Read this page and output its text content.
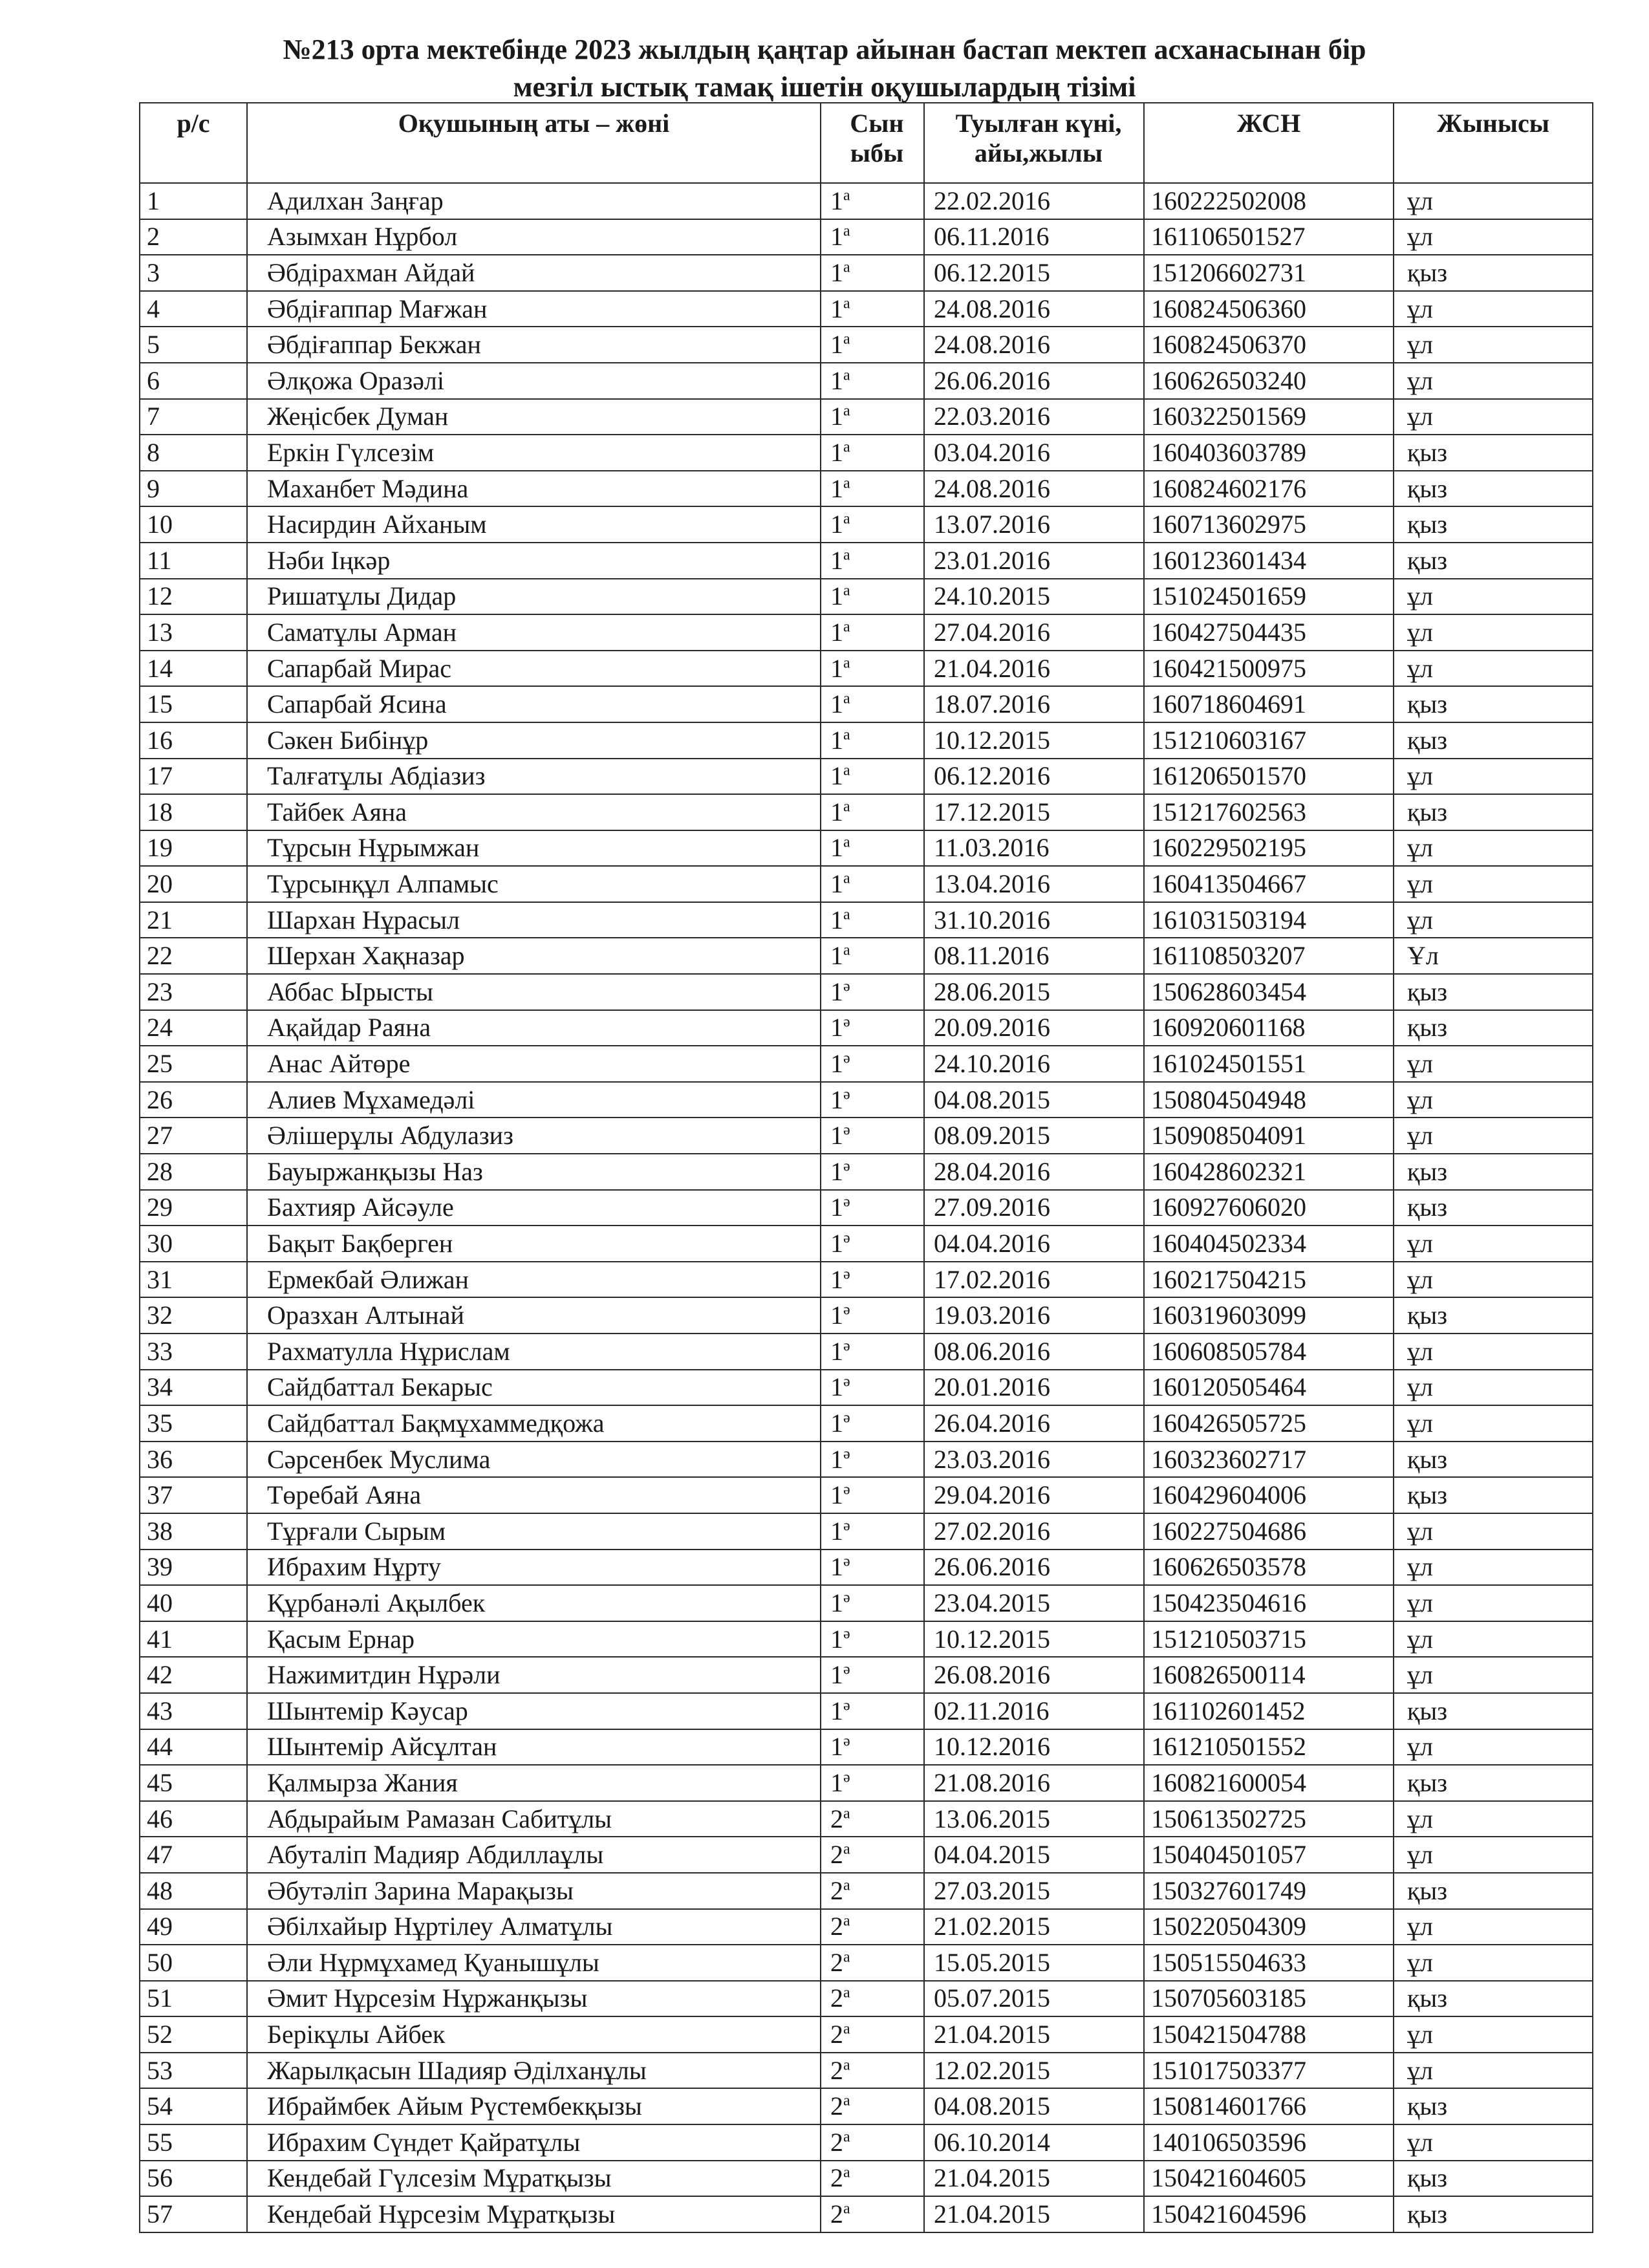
№213 орта мектебінде 2023 жылдың қаңтар айынан бастап мектеп асханасынан бір
мезгіл ыстық тамақ ішетін оқушылардың тізімі
р/с	Оқушының аты – жөні	Сын ыбы	Туылған күні, айы,жылы	ЖСН	Жынысы
1	Адилхан Заңғар	$1^а$	22.02.2016	160222502008	ұл
2	Азымхан Нұрбол	$1^а$	06.11.2016	161106501527	ұл
3	Әбдірахман Айдай	$1^а$	06.12.2015	151206602731	қыз
4	Әбдіғаппар Мағжан	$1^а$	24.08.2016	160824506360	ұл
5	Әбдіғаппар Бекжан	$1^а$	24.08.2016	160824506370	ұл
6	Әлқожа Оразәлі	$1^а$	26.06.2016	160626503240	ұл
7	Жеңісбек Думан	$1^а$	22.03.2016	160322501569	ұл
8	Еркін Гүлсезім	$1^а$	03.04.2016	160403603789	қыз
9	Маханбет Мәдина	$1^а$	24.08.2016	160824602176	қыз
10	Насирдин Айханым	$1^а$	13.07.2016	160713602975	қыз
11	Нәби Іңкәр	$1^а$	23.01.2016	160123601434	қыз
12	Ришатұлы Дидар	$1^а$	24.10.2015	151024501659	ұл
13	Саматұлы Арман	$1^а$	27.04.2016	160427504435	ұл
14	Сапарбай Мирас	$1^а$	21.04.2016	160421500975	ұл
15	Сапарбай Ясина	$1^а$	18.07.2016	160718604691	қыз
16	Сәкен Бибінұр	$1^а$	10.12.2015	151210603167	қыз
17	Талғатұлы Абдіазиз	$1^а$	06.12.2016	161206501570	ұл
18	Тайбек Аяна	$1^а$	17.12.2015	151217602563	қыз
19	Тұрсын Нұрымжан	$1^а$	11.03.2016	160229502195	ұл
20	Тұрсынқұл Алпамыс	$1^а$	13.04.2016	160413504667	ұл
21	Шархан Нұрасыл	$1^а$	31.10.2016	161031503194	ұл
22	Шерхан Хақназар	$1^а$	08.11.2016	161108503207	Ұл
23	Аббас Ырысты	$1^ә$	28.06.2015	150628603454	қыз
24	Ақайдар Раяна	$1^ә$	20.09.2016	160920601168	қыз
25	Анас Айтөре	$1^ә$	24.10.2016	161024501551	ұл
26	Алиев Мұхамедәлі	$1^ә$	04.08.2015	150804504948	ұл
27	Әлішерұлы Абдулазиз	$1^ә$	08.09.2015	150908504091	ұл
28	Бауыржанқызы Наз	$1^ә$	28.04.2016	160428602321	қыз
29	Бахтияр Айсәуле	$1^ә$	27.09.2016	160927606020	қыз
30	Бақыт Бақберген	$1^ә$	04.04.2016	160404502334	ұл
31	Ермекбай Әлижан	$1^ә$	17.02.2016	160217504215	ұл
32	Оразхан Алтынай	$1^ә$	19.03.2016	160319603099	қыз
33	Рахматулла Нұрислам	$1^ә$	08.06.2016	160608505784	ұл
34	Сайдбаттал Бекарыс	$1^ә$	20.01.2016	160120505464	ұл
35	Сайдбаттал Бақмұхаммедқожа	$1^ә$	26.04.2016	160426505725	ұл
36	Сәрсенбек Муслима	$1^ә$	23.03.2016	160323602717	қыз
37	Төребай Аяна	$1^ә$	29.04.2016	160429604006	қыз
38	Тұрғали Сырым	$1^ә$	27.02.2016	160227504686	ұл
39	Ибрахим Нұрту	$1^ә$	26.06.2016	160626503578	ұл
40	Құрбанәлі Ақылбек	$1^ә$	23.04.2015	150423504616	ұл
41	Қасым Ернар	$1^ә$	10.12.2015	151210503715	ұл
42	Нажимитдин Нұрәли	$1^ә$	26.08.2016	160826500114	ұл
43	Шынтемір Кәусар	$1^ә$	02.11.2016	161102601452	қыз
44	Шынтемір Айсұлтан	$1^ә$	10.12.2016	161210501552	ұл
45	Қалмырза Жания	$1^ә$	21.08.2016	160821600054	қыз
46	Абдырайым Рамазан Сабитұлы	$2^а$	13.06.2015	150613502725	ұл
47	Абуталіп Мадияр Абдиллаұлы	$2^а$	04.04.2015	150404501057	ұл
48	Әбутәліп Зарина Марақызы	$2^а$	27.03.2015	150327601749	қыз
49	Әбілхайыр Нұртілеу Алматұлы	$2^а$	21.02.2015	150220504309	ұл
50	Әли Нұрмұхамед Қуанышұлы	$2^а$	15.05.2015	150515504633	ұл
51	Әмит Нұрсезім Нұржанқызы	$2^а$	05.07.2015	150705603185	қыз
52	Берікұлы Айбек	$2^а$	21.04.2015	150421504788	ұл
53	Жарылқасын Шадияр Әділханұлы	$2^а$	12.02.2015	151017503377	ұл
54	Ибраймбек Айым Рүстембекқызы	$2^а$	04.08.2015	150814601766	қыз
55	Ибрахим Сүндет Қайратұлы	$2^а$	06.10.2014	140106503596	ұл
56	Кендебай Гүлсезім Мұратқызы	$2^а$	21.04.2015	150421604605	қыз
57	Кендебай Нұрсезім Мұратқызы	$2^а$	21.04.2015	150421604596	қыз
